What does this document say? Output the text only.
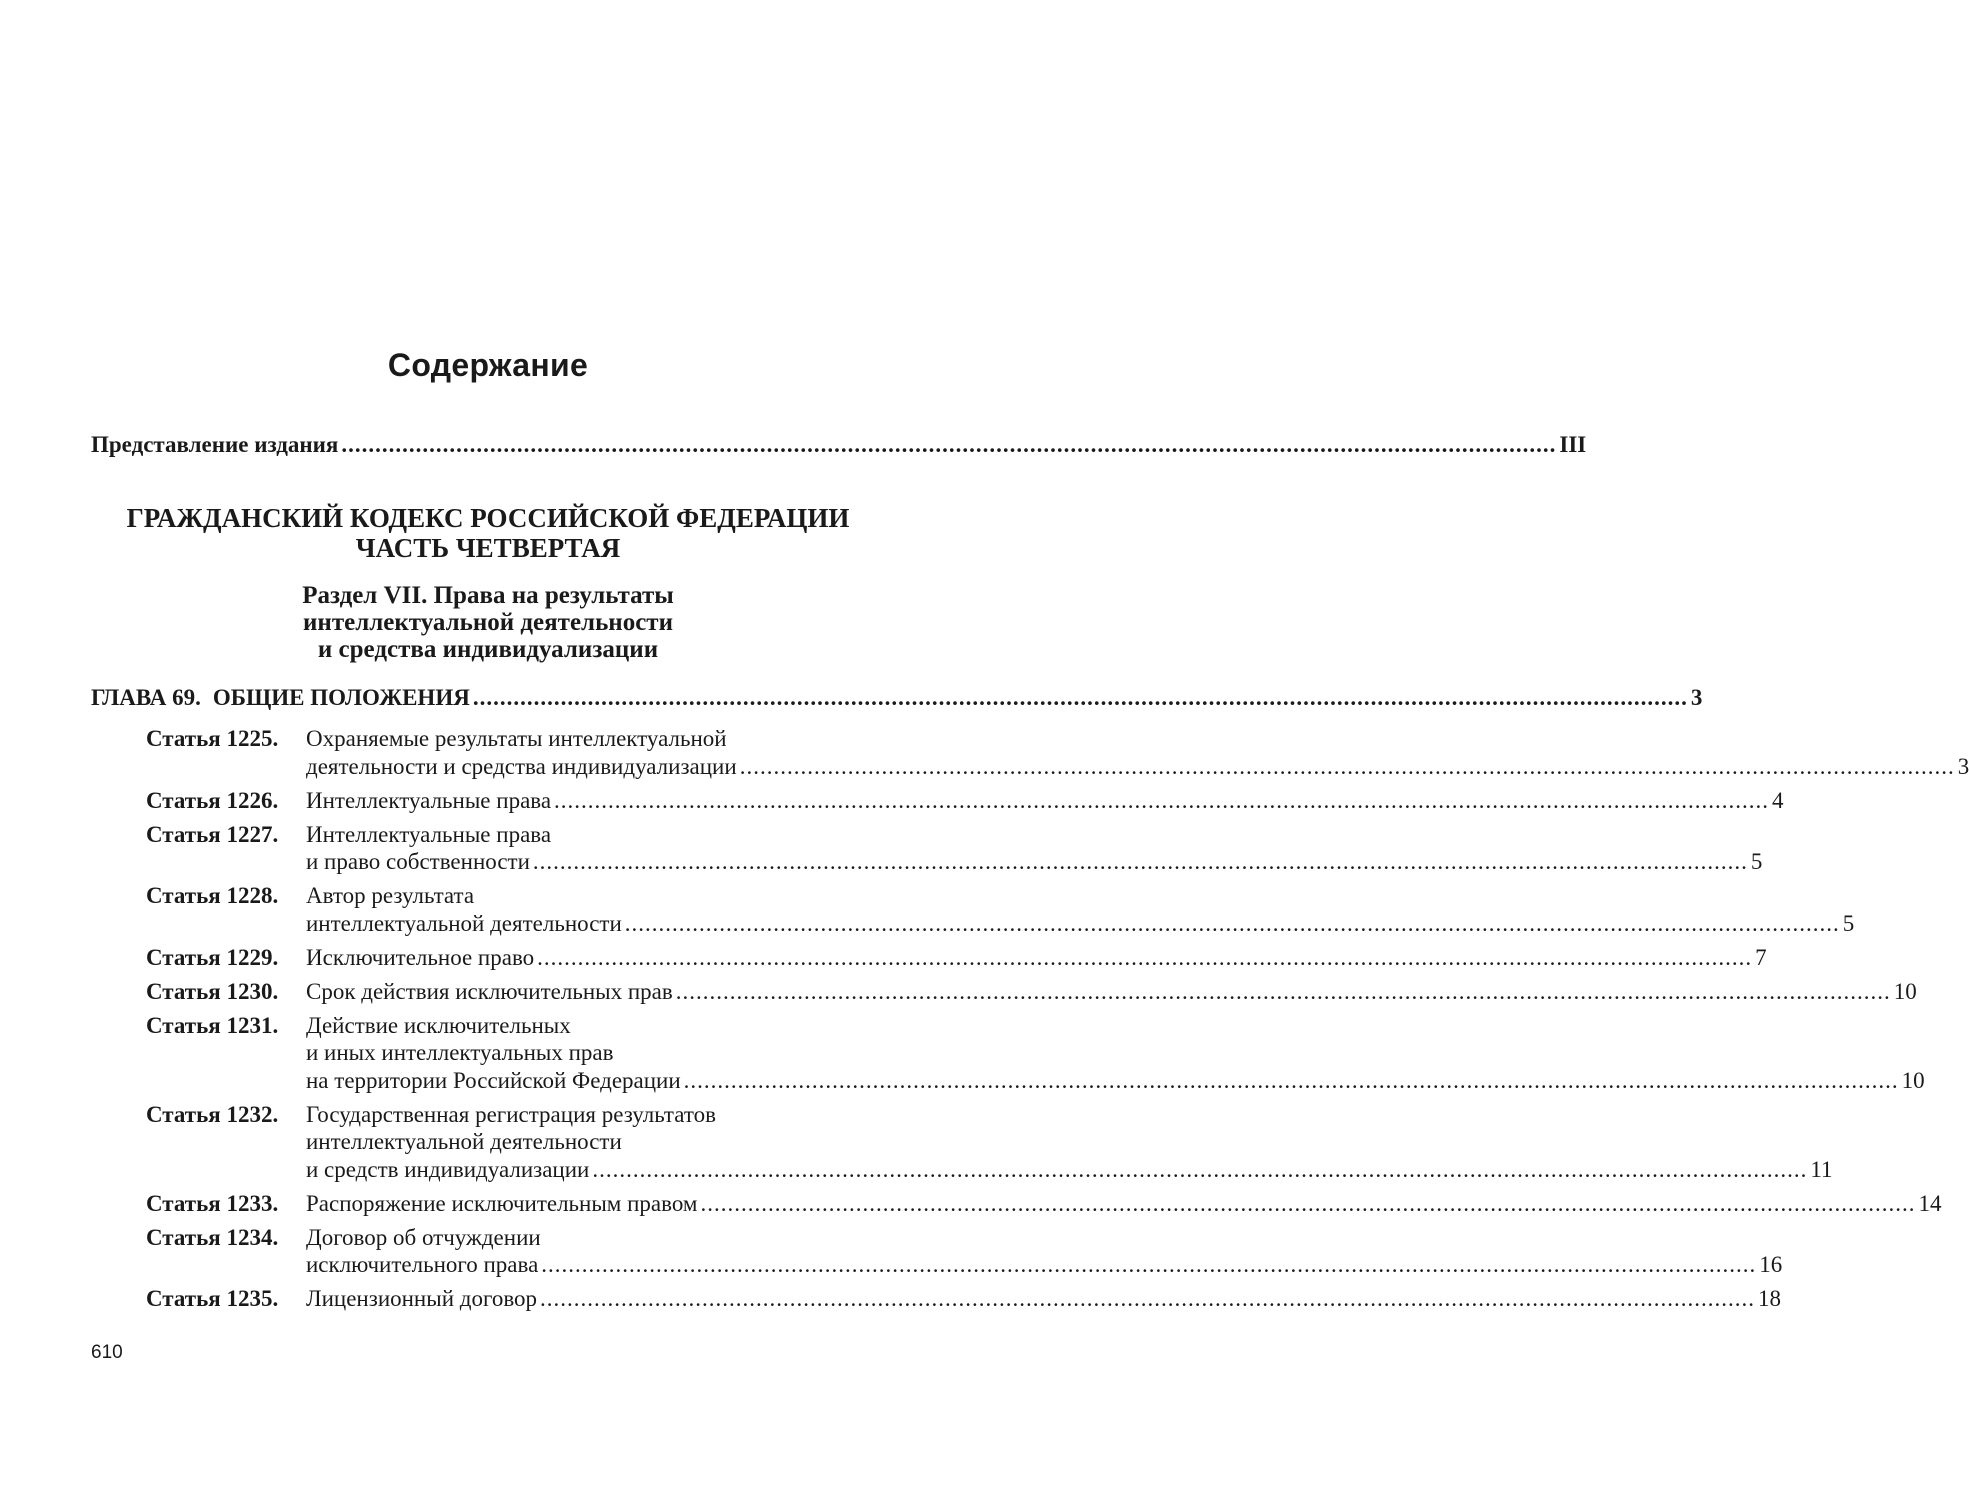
Содержание
Представление издания .................................................................................................................................................................................... III
ГРАЖДАНСКИЙ КОДЕКС РОССИЙСКОЙ ФЕДЕРАЦИИ
ЧАСТЬ ЧЕТВЕРТАЯ
Раздел VII. Права на результаты
интеллектуальной деятельности
и средства индивидуализации
ГЛАВА 69. ОБЩИЕ ПОЛОЖЕНИЯ .................................................................................................................................................................................... 3
Статья 1225.	Охраняемые результаты интеллектуальной
деятельности и средства индивидуализации .................................................................................................................................................................................... 3
Статья 1226.	Интеллектуальные права .................................................................................................................................................................................... 4
Статья 1227.	Интеллектуальные права
и право собственности .................................................................................................................................................................................... 5
Статья 1228.	Автор результата
интеллектуальной деятельности .................................................................................................................................................................................... 5
Статья 1229.	Исключительное право .................................................................................................................................................................................... 7
Статья 1230.	Срок действия исключительных прав .................................................................................................................................................................................... 10
Статья 1231.	Действие исключительных
и иных интеллектуальных прав
на территории Российской Федерации .................................................................................................................................................................................... 10
Статья 1232.	Государственная регистрация результатов
интеллектуальной деятельности
и средств индивидуализации .................................................................................................................................................................................... 11
Статья 1233.	Распоряжение исключительным правом .................................................................................................................................................................................... 14
Статья 1234.	Договор об отчуждении
исключительного права .................................................................................................................................................................................... 16
Статья 1235.	Лицензионный договор .................................................................................................................................................................................... 18
610
